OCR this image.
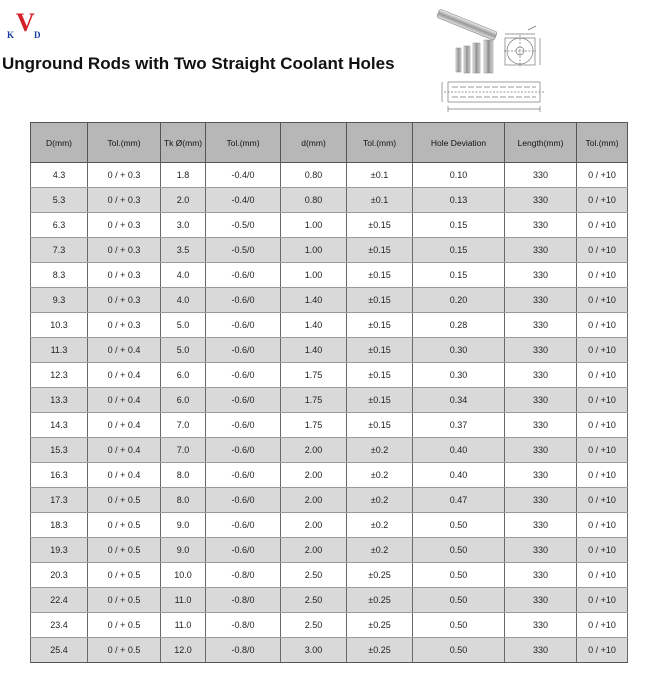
V
K D
Unground Rods with Two Straight Coolant Holes
D(mm)	Tol.(mm)	Tk Ø(mm)	Tol.(mm)	d(mm)	Tol.(mm)	Hole Deviation	Length(mm)	Tol.(mm)
4.3	0 / + 0.3	1.8	-0.4/0	0.80	±0.1	0.10	330	0 / +10
5.3	0 / + 0.3	2.0	-0.4/0	0.80	±0.1	0.13	330	0 / +10
6.3	0 / + 0.3	3.0	-0.5/0	1.00	±0.15	0.15	330	0 / +10
7.3	0 / + 0.3	3.5	-0.5/0	1.00	±0.15	0.15	330	0 / +10
8.3	0 / + 0.3	4.0	-0.6/0	1.00	±0.15	0.15	330	0 / +10
9.3	0 / + 0.3	4.0	-0.6/0	1.40	±0.15	0.20	330	0 / +10
10.3	0 / + 0.3	5.0	-0.6/0	1.40	±0.15	0.28	330	0 / +10
11.3	0 / + 0.4	5.0	-0.6/0	1.40	±0.15	0.30	330	0 / +10
12.3	0 / + 0.4	6.0	-0.6/0	1.75	±0.15	0.30	330	0 / +10
13.3	0 / + 0.4	6.0	-0.6/0	1.75	±0.15	0.34	330	0 / +10
14.3	0 / + 0.4	7.0	-0.6/0	1.75	±0.15	0.37	330	0 / +10
15.3	0 / + 0.4	7.0	-0.6/0	2.00	±0.2	0.40	330	0 / +10
16.3	0 / + 0.4	8.0	-0.6/0	2.00	±0.2	0.40	330	0 / +10
17.3	0 / + 0.5	8.0	-0.6/0	2.00	±0.2	0.47	330	0 / +10
18.3	0 / + 0.5	9.0	-0.6/0	2.00	±0.2	0.50	330	0 / +10
19.3	0 / + 0.5	9.0	-0.6/0	2.00	±0.2	0.50	330	0 / +10
20.3	0 / + 0.5	10.0	-0.8/0	2.50	±0.25	0.50	330	0 / +10
22.4	0 / + 0.5	11.0	-0.8/0	2.50	±0.25	0.50	330	0 / +10
23.4	0 / + 0.5	11.0	-0.8/0	2.50	±0.25	0.50	330	0 / +10
25.4	0 / + 0.5	12.0	-0.8/0	3.00	±0.25	0.50	330	0 / +10
